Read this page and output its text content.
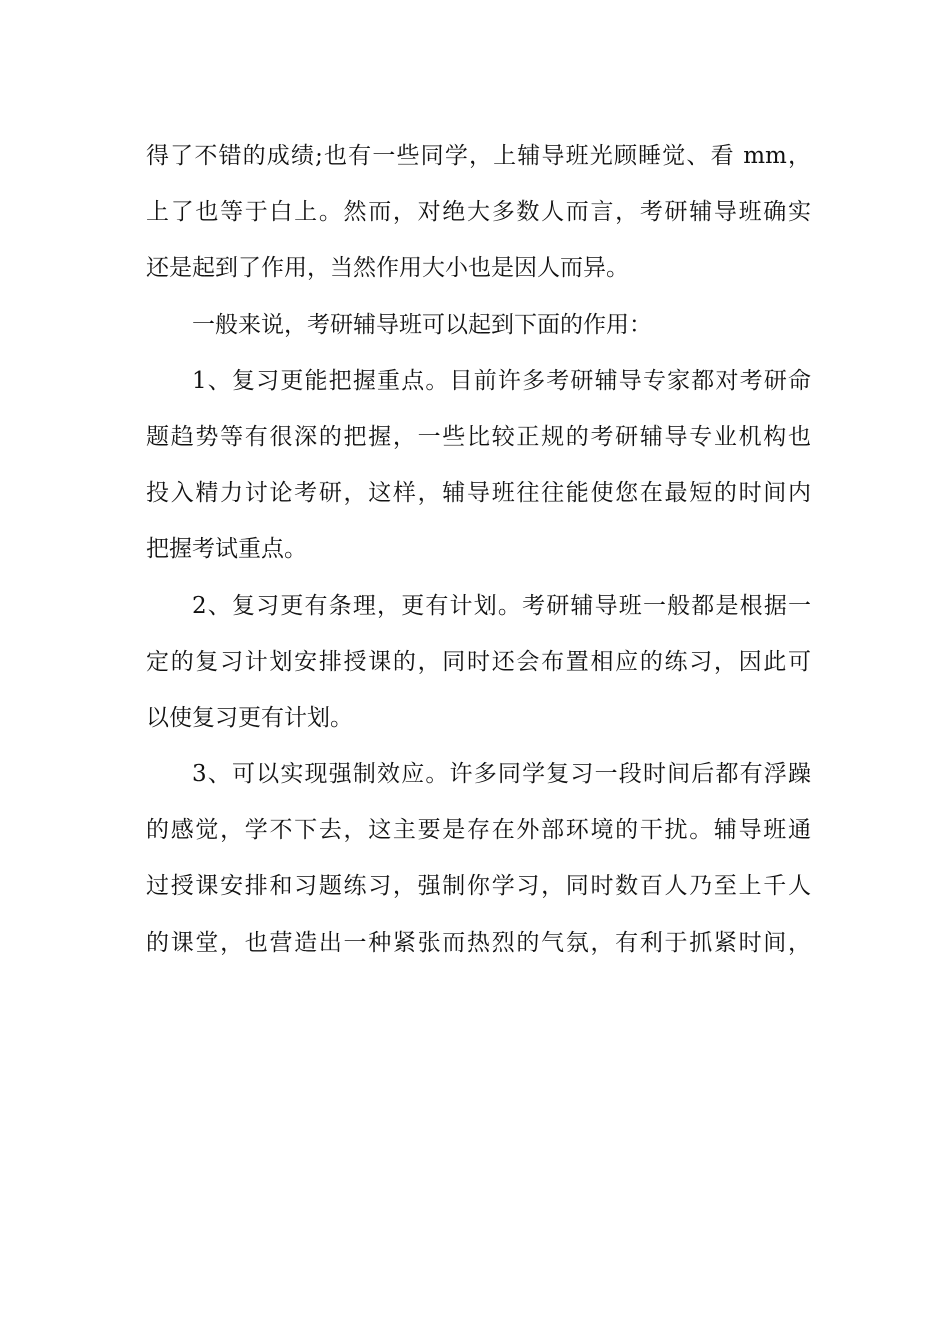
得了不错的成绩;也有一些同学，上辅导班光顾睡觉、看 mm，
上了也等于白上。然而，对绝大多数人而言，考研辅导班确实
还是起到了作用，当然作用大小也是因人而异。
一般来说，考研辅导班可以起到下面的作用：
1、复习更能把握重点。目前许多考研辅导专家都对考研命
题趋势等有很深的把握，一些比较正规的考研辅导专业机构也
投入精力讨论考研，这样，辅导班往往能使您在最短的时间内
把握考试重点。
2、复习更有条理，更有计划。考研辅导班一般都是根据一
定的复习计划安排授课的，同时还会布置相应的练习，因此可
以使复习更有计划。
3、可以实现强制效应。许多同学复习一段时间后都有浮躁
的感觉，学不下去，这主要是存在外部环境的干扰。辅导班通
过授课安排和习题练习，强制你学习，同时数百人乃至上千人
的课堂，也营造出一种紧张而热烈的气氛，有利于抓紧时间，
